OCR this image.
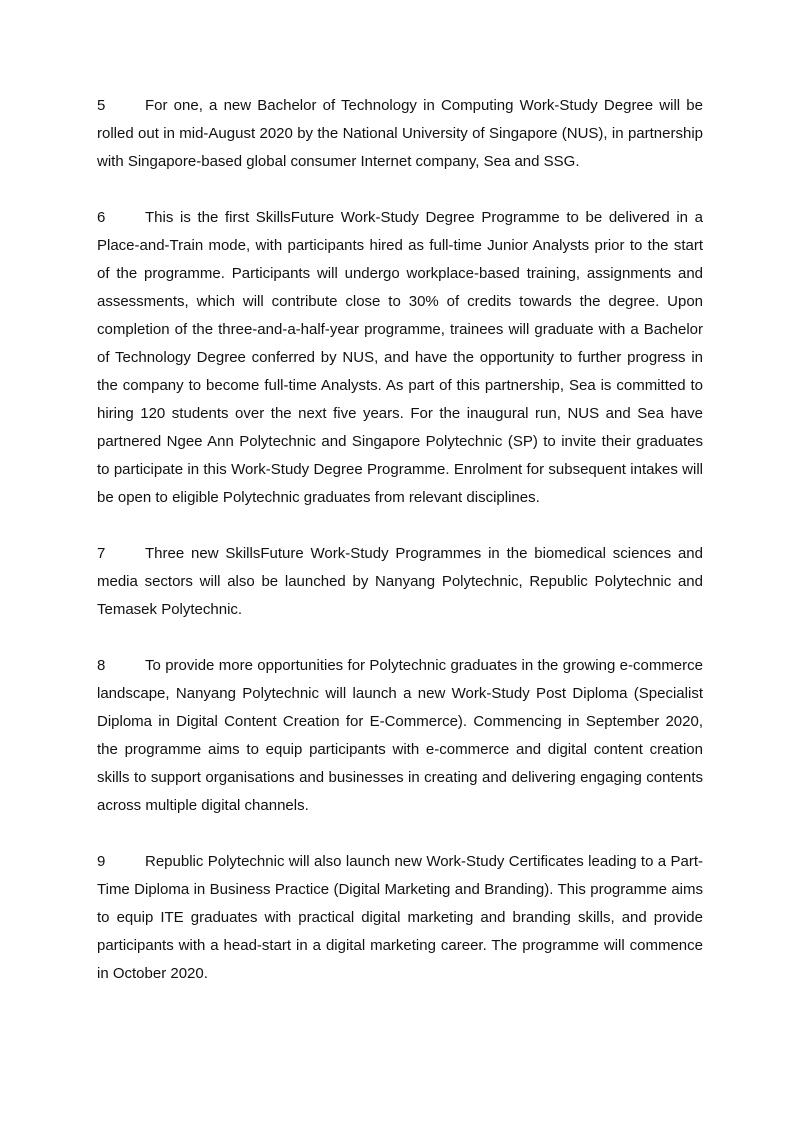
5	For one, a new Bachelor of Technology in Computing Work-Study Degree will be rolled out in mid-August 2020 by the National University of Singapore (NUS), in partnership with Singapore-based global consumer Internet company, Sea and SSG.

6	This is the first SkillsFuture Work-Study Degree Programme to be delivered in a Place-and-Train mode, with participants hired as full-time Junior Analysts prior to the start of the programme. Participants will undergo workplace-based training, assignments and assessments, which will contribute close to 30% of credits towards the degree. Upon completion of the three-and-a-half-year programme, trainees will graduate with a Bachelor of Technology Degree conferred by NUS, and have the opportunity to further progress in the company to become full-time Analysts. As part of this partnership, Sea is committed to hiring 120 students over the next five years. For the inaugural run, NUS and Sea have partnered Ngee Ann Polytechnic and Singapore Polytechnic (SP) to invite their graduates to participate in this Work-Study Degree Programme. Enrolment for subsequent intakes will be open to eligible Polytechnic graduates from relevant disciplines.

7	Three new SkillsFuture Work-Study Programmes in the biomedical sciences and media sectors will also be launched by Nanyang Polytechnic, Republic Polytechnic and Temasek Polytechnic.

8	To provide more opportunities for Polytechnic graduates in the growing e-commerce landscape, Nanyang Polytechnic will launch a new Work-Study Post Diploma (Specialist Diploma in Digital Content Creation for E-Commerce). Commencing in September 2020, the programme aims to equip participants with e-commerce and digital content creation skills to support organisations and businesses in creating and delivering engaging contents across multiple digital channels.

9	Republic Polytechnic will also launch new Work-Study Certificates leading to a Part-Time Diploma in Business Practice (Digital Marketing and Branding). This programme aims to equip ITE graduates with practical digital marketing and branding skills, and provide participants with a head-start in a digital marketing career. The programme will commence in October 2020.
